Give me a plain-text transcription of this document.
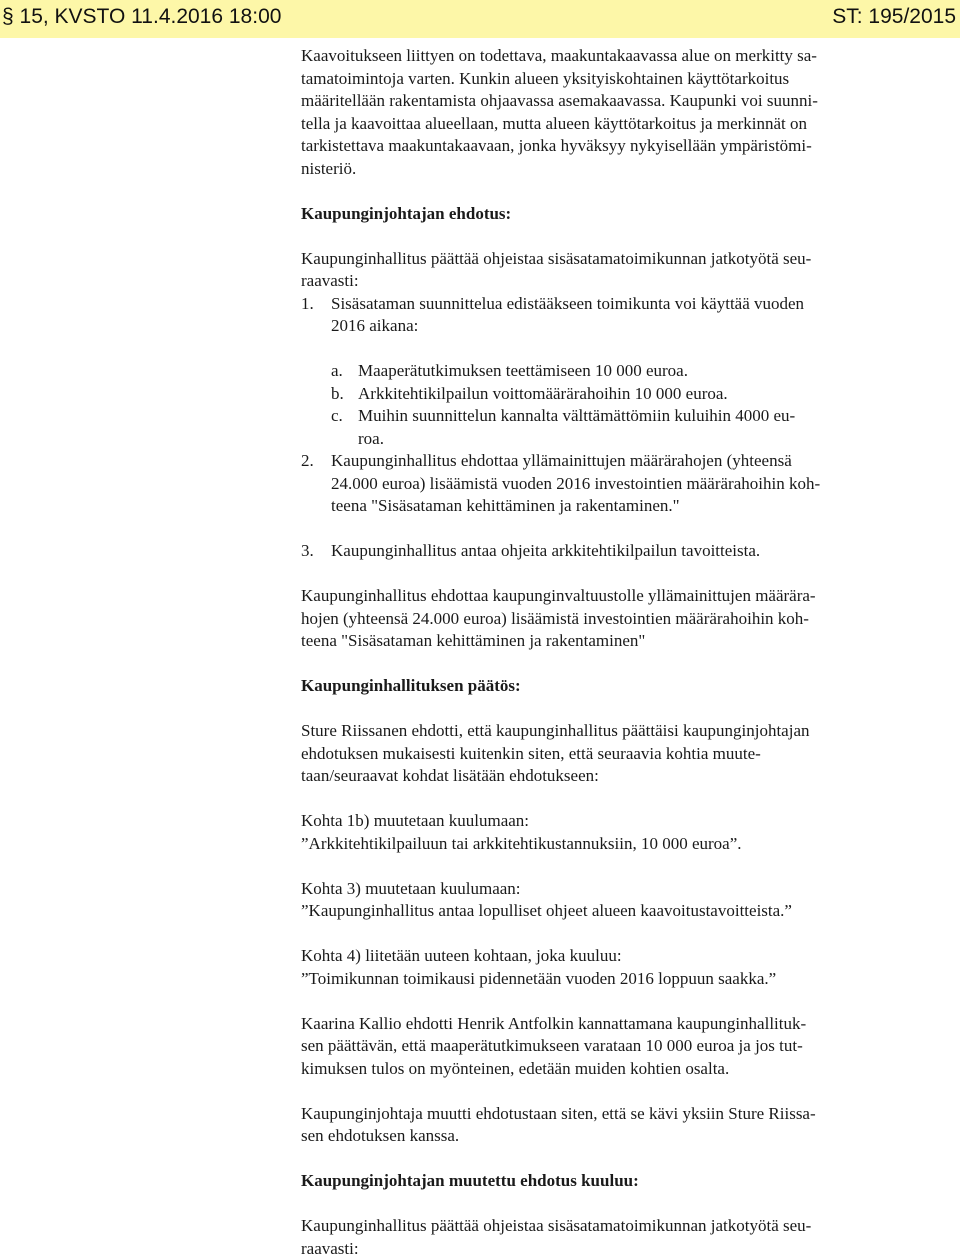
§ 15, KVSTO 11.4.2016 18:00	ST: 195/2015
Kaavoitukseen liittyen on todettava, maakuntakaavassa alue on merkitty sa-
tamatoimintoja varten. Kunkin alueen yksityiskohtainen käyttötarkoitus
määritellään rakentamista ohjaavassa asemakaavassa. Kaupunki voi suunni-
tella ja kaavoittaa alueellaan, mutta alueen käyttötarkoitus ja merkinnät on
tarkistettava maakuntakaavaan, jonka hyväksyy nykyisellään ympäristömi-
nisteriö.
Kaupunginjohtajan ehdotus:
Kaupunginhallitus päättää ohjeistaa sisäsatamatoimikunnan jatkotyötä seu-
raavasti:
1.	Sisäsataman suunnittelua edistääkseen toimikunta voi käyttää vuoden
2016 aikana:
a. Maaperätutkimuksen teettämiseen 10 000 euroa.
b. Arkkitehtikilpailun voittomäärärahoihin 10 000 euroa.
c. Muihin suunnittelun kannalta välttämättömiin kuluihin 4000 eu-
roa.
2.	Kaupunginhallitus ehdottaa yllämainittujen määrärahojen (yhteensä
24.000 euroa) lisäämistä vuoden 2016 investointien määrärahoihin koh-
teena "Sisäsataman kehittäminen ja rakentaminen."
3.	Kaupunginhallitus antaa ohjeita arkkitehtikilpailun tavoitteista.
Kaupunginhallitus ehdottaa kaupunginvaltuustolle yllämainittujen määrära-
hojen (yhteensä 24.000 euroa) lisäämistä investointien määrärahoihin koh-
teena "Sisäsataman kehittäminen ja rakentaminen"
Kaupunginhallituksen päätös:
Sture Riissanen ehdotti, että kaupunginhallitus päättäisi kaupunginjohtajan
ehdotuksen mukaisesti kuitenkin siten, että seuraavia kohtia muute-
taan/seuraavat kohdat lisätään ehdotukseen:
Kohta 1b) muutetaan kuulumaan:
”Arkkitehtikilpailuun tai arkkitehtikustannuksiin, 10 000 euroa”.
Kohta 3) muutetaan kuulumaan:
”Kaupunginhallitus antaa lopulliset ohjeet alueen kaavoitustavoitteista.”
Kohta 4) liitetään uuteen kohtaan, joka kuuluu:
”Toimikunnan toimikausi pidennetään vuoden 2016 loppuun saakka.”
Kaarina Kallio ehdotti Henrik Antfolkin kannattamana kaupunginhallituk-
sen päättävän, että maaperätutkimukseen varataan 10 000 euroa ja jos tut-
kimuksen tulos on myönteinen, edetään muiden kohtien osalta.
Kaupunginjohtaja muutti ehdotustaan siten, että se kävi yksiin Sture Riissa-
sen ehdotuksen kanssa.
Kaupunginjohtajan muutettu ehdotus kuuluu:
Kaupunginhallitus päättää ohjeistaa sisäsatamatoimikunnan jatkotyötä seu-
raavasti:
